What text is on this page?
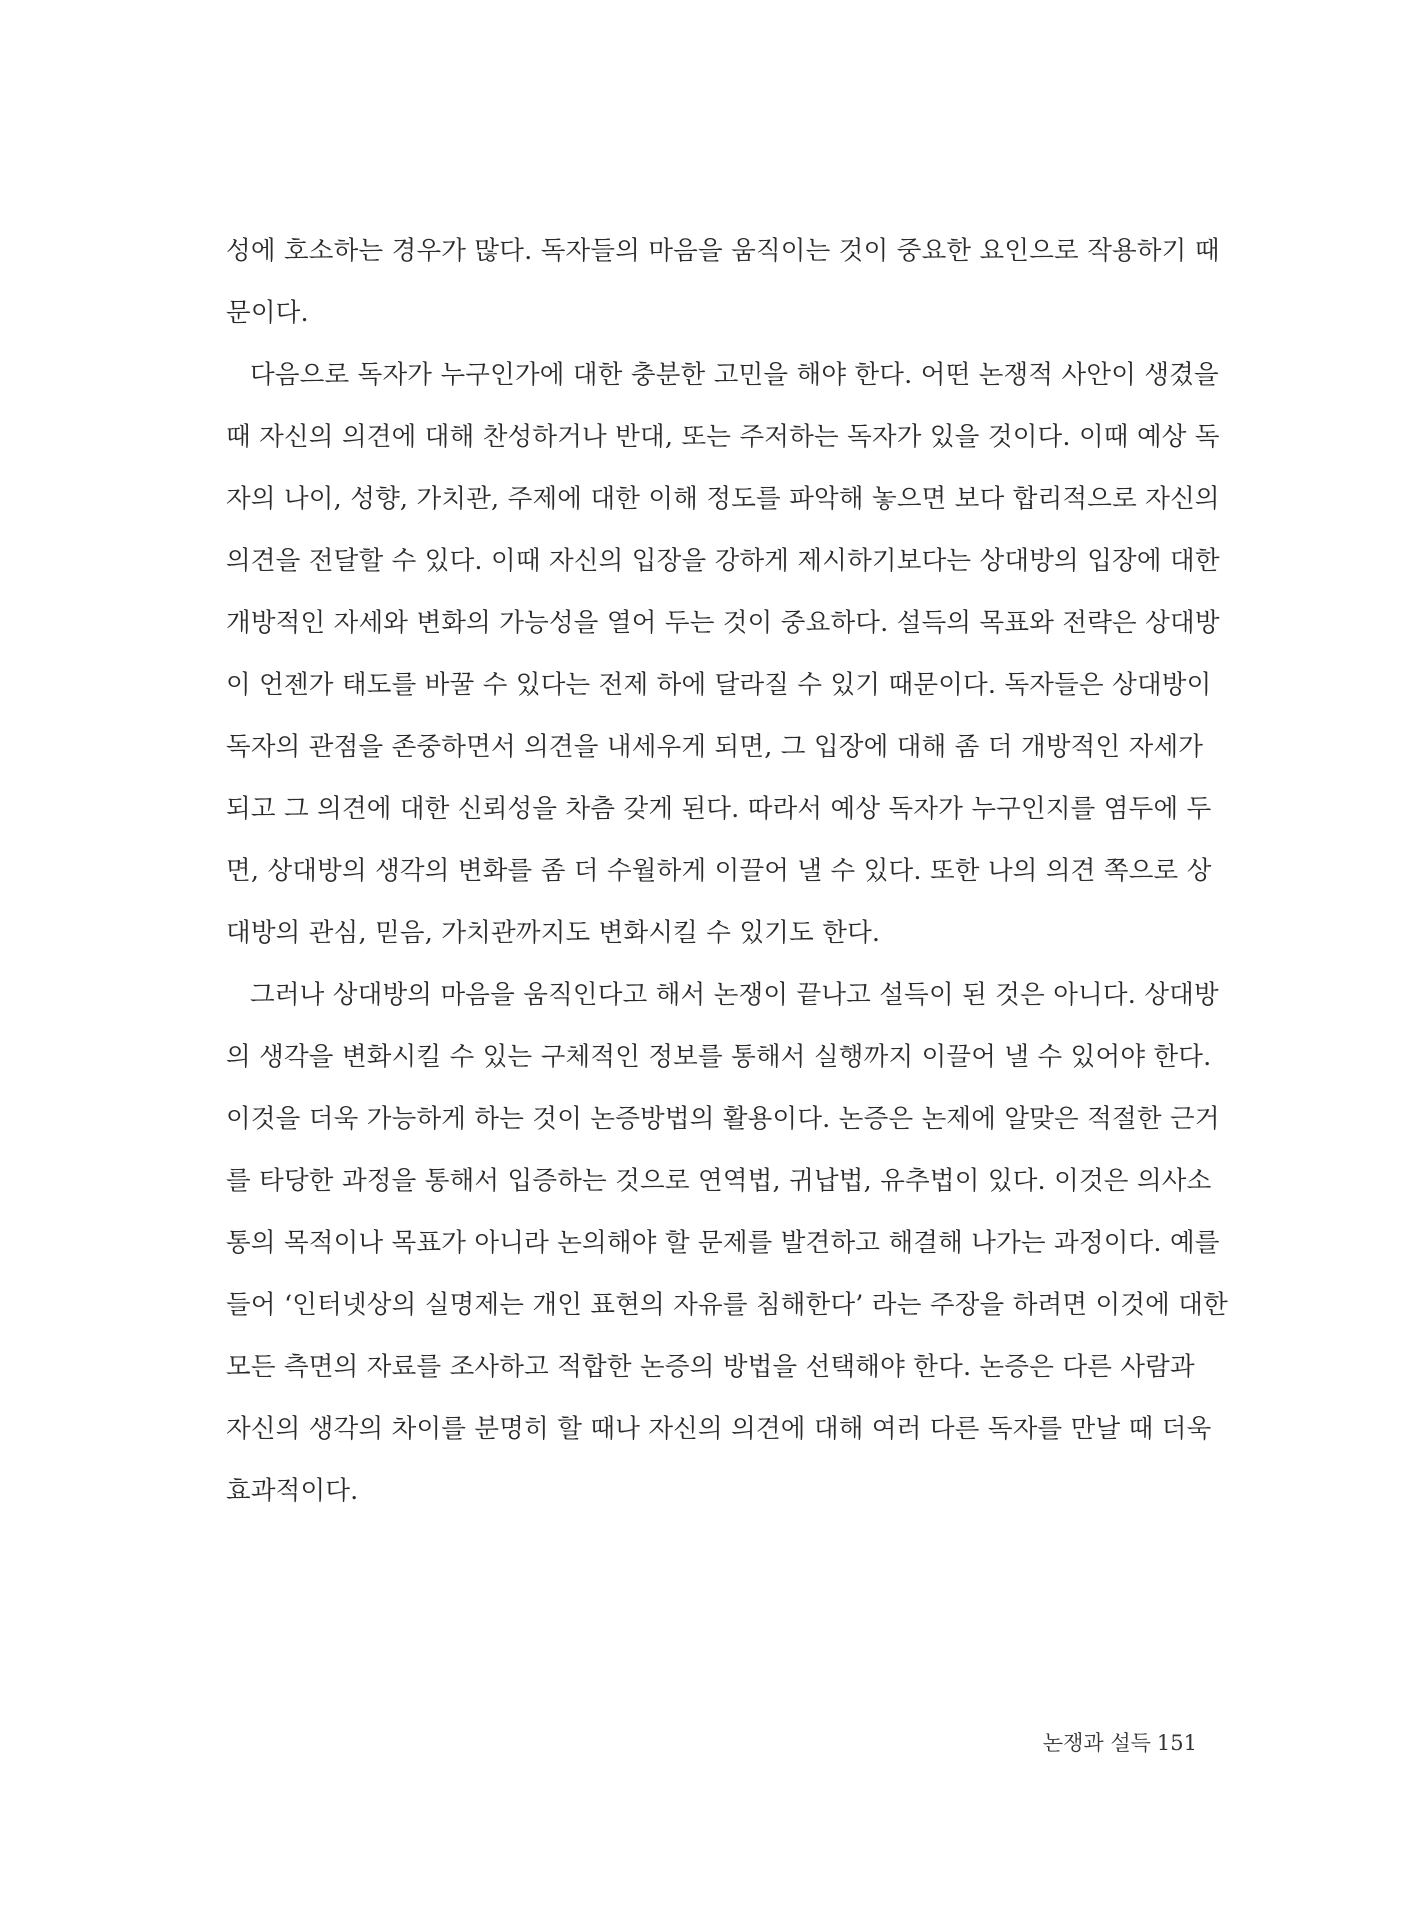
성에 호소하는 경우가 많다. 독자들의 마음을 움직이는 것이 중요한 요인으로 작용하기 때
문이다.
다음으로 독자가 누구인가에 대한 충분한 고민을 해야 한다. 어떤 논쟁적 사안이 생겼을
때 자신의 의견에 대해 찬성하거나 반대, 또는 주저하는 독자가 있을 것이다. 이때 예상 독
자의 나이, 성향, 가치관, 주제에 대한 이해 정도를 파악해 놓으면 보다 합리적으로 자신의
의견을 전달할 수 있다. 이때 자신의 입장을 강하게 제시하기보다는 상대방의 입장에 대한
개방적인 자세와 변화의 가능성을 열어 두는 것이 중요하다. 설득의 목표와 전략은 상대방
이 언젠가 태도를 바꿀 수 있다는 전제 하에 달라질 수 있기 때문이다. 독자들은 상대방이
독자의 관점을 존중하면서 의견을 내세우게 되면, 그 입장에 대해 좀 더 개방적인 자세가
되고 그 의견에 대한 신뢰성을 차츰 갖게 된다. 따라서 예상 독자가 누구인지를 염두에 두
면, 상대방의 생각의 변화를 좀 더 수월하게 이끌어 낼 수 있다. 또한 나의 의견 쪽으로 상
대방의 관심, 믿음, 가치관까지도 변화시킬 수 있기도 한다.
그러나 상대방의 마음을 움직인다고 해서 논쟁이 끝나고 설득이 된 것은 아니다. 상대방
의 생각을 변화시킬 수 있는 구체적인 정보를 통해서 실행까지 이끌어 낼 수 있어야 한다.
이것을 더욱 가능하게 하는 것이 논증방법의 활용이다. 논증은 논제에 알맞은 적절한 근거
를 타당한 과정을 통해서 입증하는 것으로 연역법, 귀납법, 유추법이 있다. 이것은 의사소
통의 목적이나 목표가 아니라 논의해야 할 문제를 발견하고 해결해 나가는 과정이다. 예를
들어 ‘인터넷상의 실명제는 개인 표현의 자유를 침해한다’ 라는 주장을 하려면 이것에 대한
모든 측면의 자료를 조사하고 적합한 논증의 방법을 선택해야 한다. 논증은 다른 사람과
자신의 생각의 차이를 분명히 할 때나 자신의 의견에 대해 여러 다른 독자를 만날 때 더욱
효과적이다.
논쟁과 설득 151
